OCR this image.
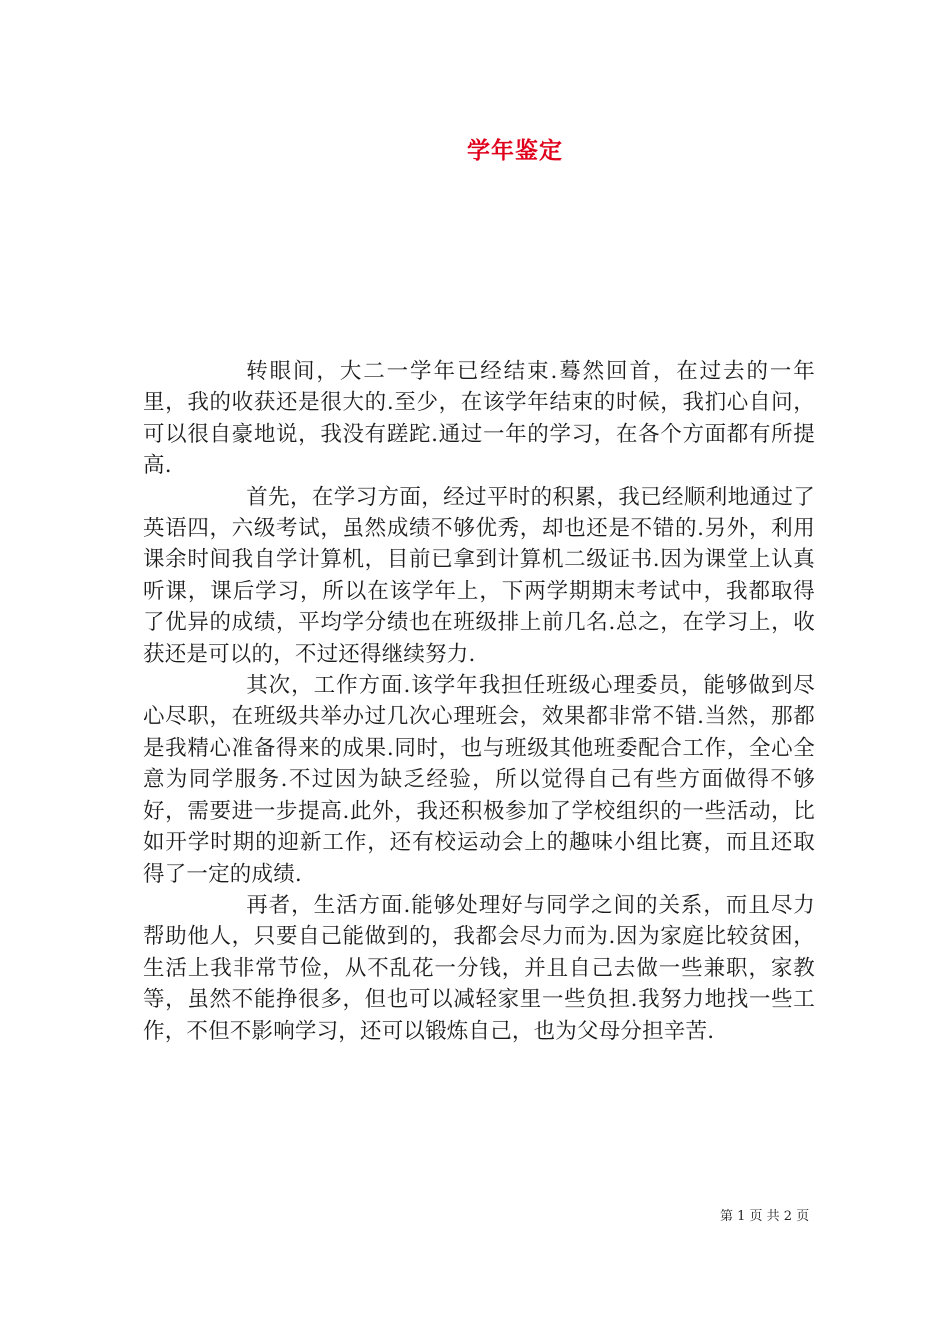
学年鉴定

转眼间，大二一学年已经结束.蓦然回首，在过去的一年里，我的收获还是很大的.至少，在该学年结束的时候，我扪心自问，可以很自豪地说，我没有蹉跎.通过一年的学习，在各个方面都有所提高.

首先，在学习方面，经过平时的积累，我已经顺利地通过了英语四，六级考试，虽然成绩不够优秀，却也还是不错的.另外，利用课余时间我自学计算机，目前已拿到计算机二级证书.因为课堂上认真听课，课后学习，所以在该学年上，下两学期期末考试中，我都取得了优异的成绩，平均学分绩也在班级排上前几名.总之，在学习上，收获还是可以的，不过还得继续努力.

其次，工作方面.该学年我担任班级心理委员，能够做到尽心尽职，在班级共举办过几次心理班会，效果都非常不错.当然，那都是我精心准备得来的成果.同时，也与班级其他班委配合工作，全心全意为同学服务.不过因为缺乏经验，所以觉得自己有些方面做得不够好，需要进一步提高.此外，我还积极参加了学校组织的一些活动，比如开学时期的迎新工作，还有校运动会上的趣味小组比赛，而且还取得了一定的成绩.

再者，生活方面.能够处理好与同学之间的关系，而且尽力帮助他人，只要自己能做到的，我都会尽力而为.因为家庭比较贫困，生活上我非常节俭，从不乱花一分钱，并且自己去做一些兼职，家教等，虽然不能挣很多，但也可以减轻家里一些负担.我努力地找一些工作，不但不影响学习，还可以锻炼自己，也为父母分担辛苦.

第 1 页 共 2 页
